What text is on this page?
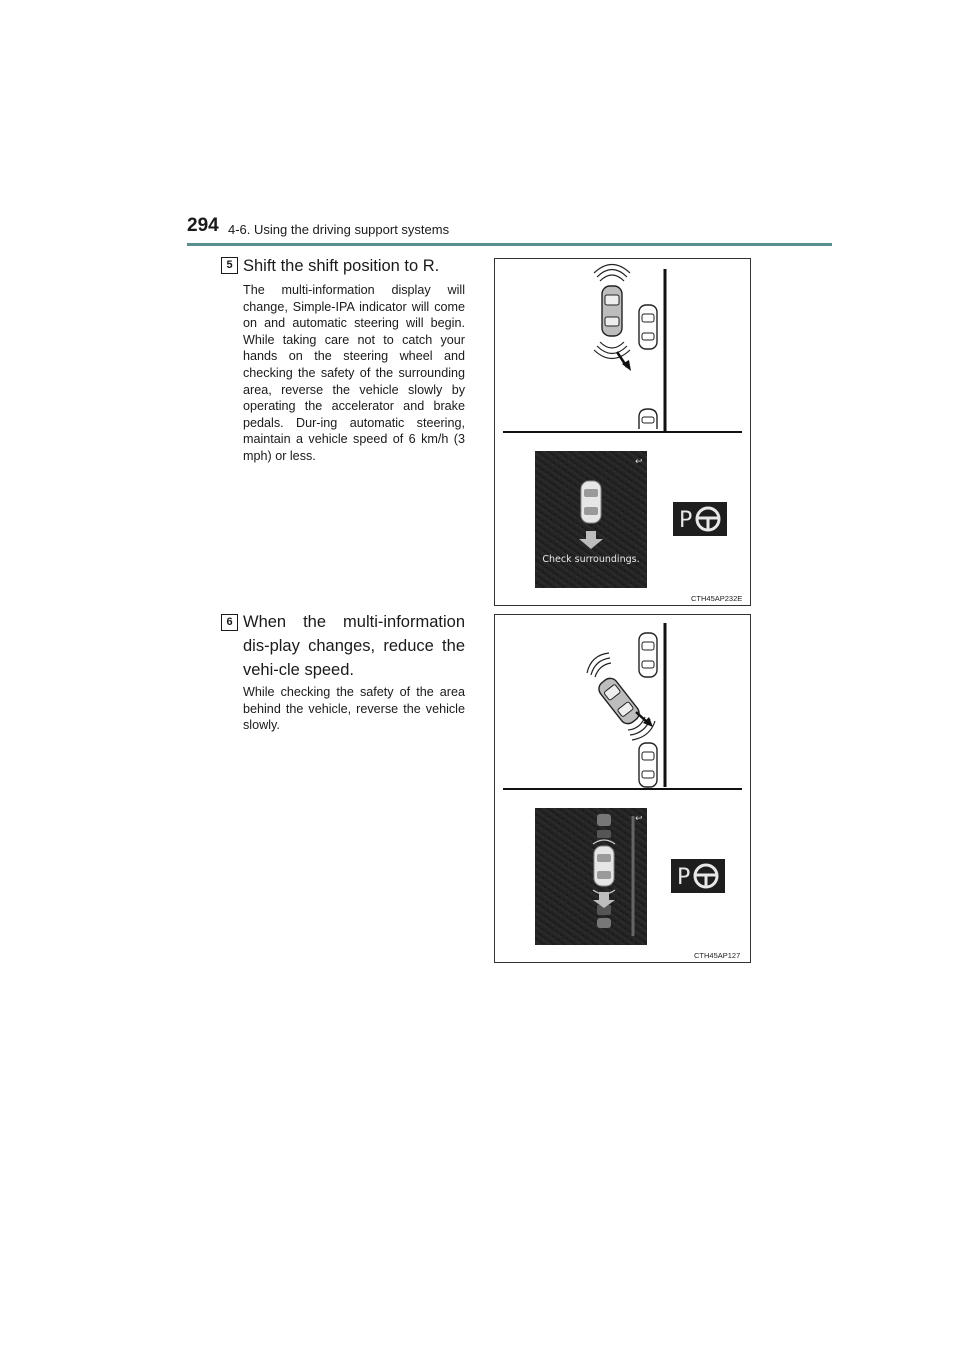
294 4-6. Using the driving support systems
5 Shift the shift position to R.
The multi-information display will change, Simple-IPA indicator will come on and automatic steering will begin. While taking care not to catch your hands on the steering wheel and checking the safety of the surrounding area, reverse the vehicle slowly by operating the accelerator and brake pedals. Dur-ing automatic steering, maintain a vehicle speed of 6 km/h (3 mph) or less.	↩
Check surroundings.
P
CTH45AP232E
6 When the multi-information dis-play changes, reduce the vehi-cle speed.
While checking the safety of the area behind the vehicle, reverse the vehicle slowly.
↩
P
CTH45AP127
